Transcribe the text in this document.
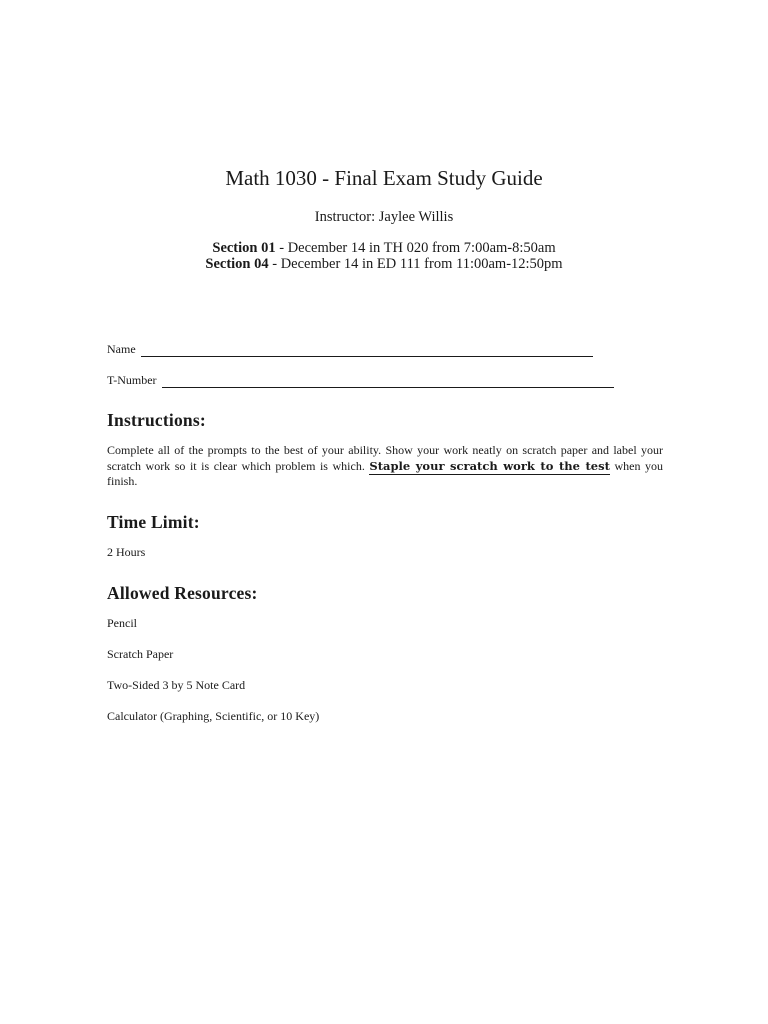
Math 1030 - Final Exam Study Guide

Instructor: Jaylee Willis

Section 01 - December 14 in TH 020 from 7:00am-8:50am

Section 04 - December 14 in ED 111 from 11:00am-12:50pm

Name
T-Number
Instructions:

Complete all of the prompts to the best of your ability. Show your work neatly on scratch paper and label your scratch work so it is clear which problem is which. Staple your scratch work to the test when you finish.

Time Limit:

2 Hours

Allowed Resources:

Pencil

Scratch Paper

Two-Sided 3 by 5 Note Card

Calculator (Graphing, Scientific, or 10 Key)
